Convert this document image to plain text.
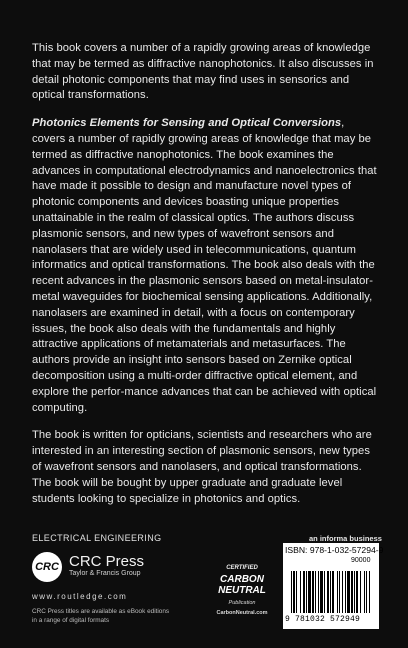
This book covers a number of a rapidly growing areas of knowledge that may be termed as diffractive nanophotonics. It also discusses in detail photonic components that may find uses in sensorics and optical transformations.

Photonics Elements for Sensing and Optical Conversions, covers a number of rapidly growing areas of knowledge that may be termed as diffractive nanophotonics. The book examines the advances in computational electrodynamics and nanoelectronics that have made it possible to design and manufacture novel types of photonic components and devices boasting unique properties unattainable in the realm of classical optics. The authors discuss plasmonic sensors, and new types of wavefront sensors and nanolasers that are widely used in telecommunications, quantum informatics and optical transformations. The book also deals with the recent advances in the plasmonic sensors based on metal-insulator-metal waveguides for biochemical sensing applications. Additionally, nanolasers are examined in detail, with a focus on contemporary issues, the book also deals with the fundamentals and highly attractive applications of metamaterials and metasurfaces. The authors provide an insight into sensors based on Zernike optical decomposition using a multi-order diffractive optical element, and explore the perfor-mance advances that can be achieved with optical computing.

The book is written for opticians, scientists and researchers who are interested in an interesting section of plasmonic sensors, new types of wavefront sensors and nanolasers, and optical transformations. The book will be bought by upper graduate and graduate level students looking to specialize in photonics and optics.

ELECTRICAL ENGINEERING
CRC CRC Press
Taylor & Francis Group
www.routledge.com
CRC Press titles are available as eBook editions
in a range of digital formats
CERTIFIED
CARBON
NEUTRAL
Publication
CarbonNeutral.com
an informa business
ISBN: 978-1-032-57294-9
90000
9 781032 572949
